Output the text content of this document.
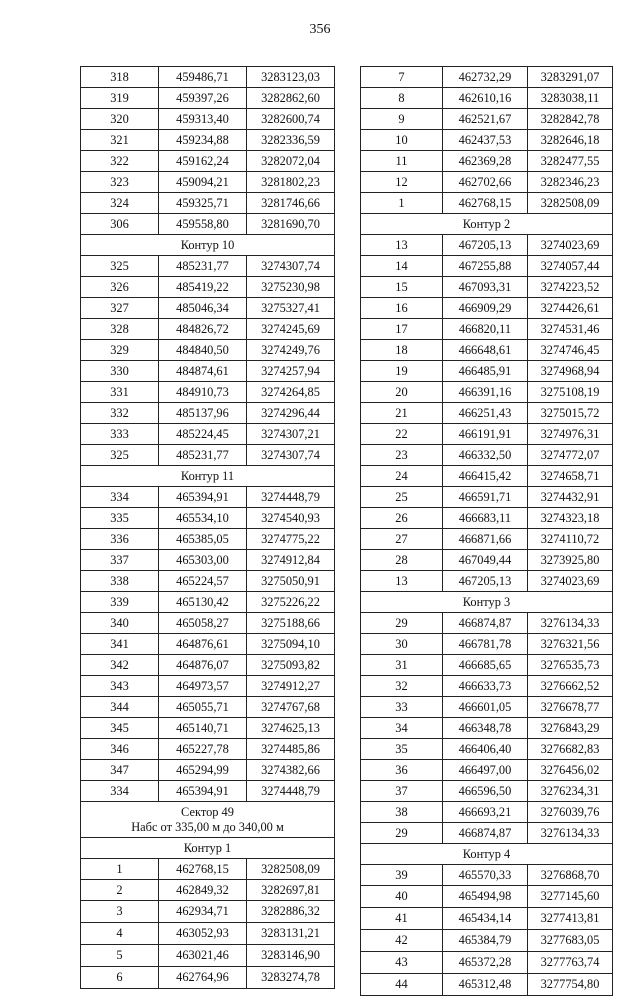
356
318	459486,71	3283123,03
319	459397,26	3282862,60
320	459313,40	3282600,74
321	459234,88	3282336,59
322	459162,24	3282072,04
323	459094,21	3281802,23
324	459325,71	3281746,66
306	459558,80	3281690,70
Контур 10		
325	485231,77	3274307,74
326	485419,22	3275230,98
327	485046,34	3275327,41
328	484826,72	3274245,69
329	484840,50	3274249,76
330	484874,61	3274257,94
331	484910,73	3274264,85
332	485137,96	3274296,44
333	485224,45	3274307,21
325	485231,77	3274307,74
Контур 11		
334	465394,91	3274448,79
335	465534,10	3274540,93
336	465385,05	3274775,22
337	465303,00	3274912,84
338	465224,57	3275050,91
339	465130,42	3275226,22
340	465058,27	3275188,66
341	464876,61	3275094,10
342	464876,07	3275093,82
343	464973,57	3274912,27
344	465055,71	3274767,68
345	465140,71	3274625,13
346	465227,78	3274485,86
347	465294,99	3274382,66
334	465394,91	3274448,79

Сектор 49
Набс от 335,00 м до 340,00 м		

Контур 1		
1	462768,15	3282508,09
2	462849,32	3282697,81
3	462934,71	3282886,32
4	463052,93	3283131,21
5	463021,46	3283146,90
6	462764,96	3283274,78
7	462732,29	3283291,07
8	462610,16	3283038,11
9	462521,67	3282842,78
10	462437,53	3282646,18
11	462369,28	3282477,55
12	462702,66	3282346,23
1	462768,15	3282508,09
Контур 2		
13	467205,13	3274023,69
14	467255,88	3274057,44
15	467093,31	3274223,52
16	466909,29	3274426,61
17	466820,11	3274531,46
18	466648,61	3274746,45
19	466485,91	3274968,94
20	466391,16	3275108,19
21	466251,43	3275015,72
22	466191,91	3274976,31
23	466332,50	3274772,07
24	466415,42	3274658,71
25	466591,71	3274432,91
26	466683,11	3274323,18
27	466871,66	3274110,72
28	467049,44	3273925,80
13	467205,13	3274023,69
Контур 3		
29	466874,87	3276134,33
30	466781,78	3276321,56
31	466685,65	3276535,73
32	466633,73	3276662,52
33	466601,05	3276678,77
34	466348,78	3276843,29
35	466406,40	3276682,83
36	466497,00	3276456,02
37	466596,50	3276234,31
38	466693,21	3276039,76
29	466874,87	3276134,33
Контур 4		
39	465570,33	3276868,70
40	465494,98	3277145,60
41	465434,14	3277413,81
42	465384,79	3277683,05
43	465372,28	3277763,74
44	465312,48	3277754,80
